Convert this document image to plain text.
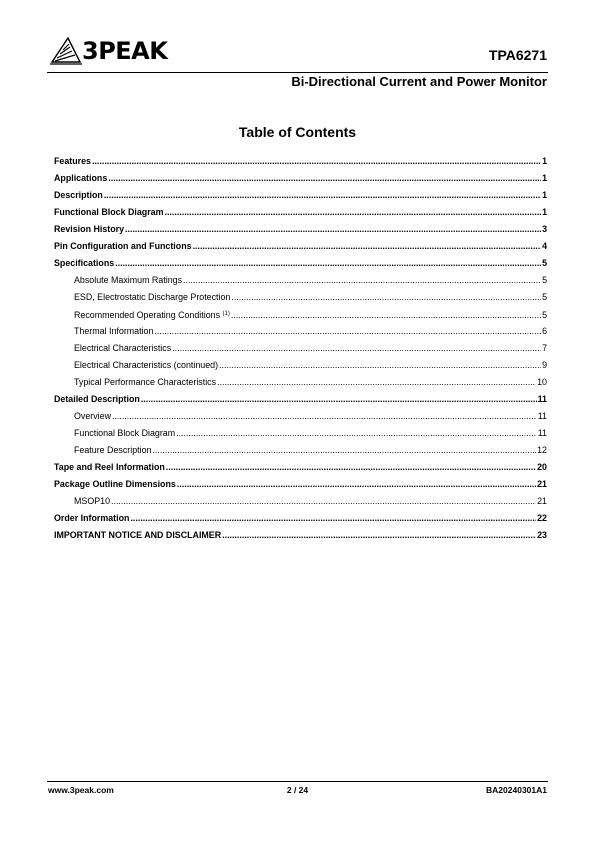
3PEAK	TPA6271
Bi-Directional Current and Power Monitor
Table of Contents
Features .....	1
Applications .....	1
Description .....	1
Functional Block Diagram .....	1
Revision History .....	3
Pin Configuration and Functions .....	4
Specifications .....	5
Absolute Maximum Ratings .....	5
ESD, Electrostatic Discharge Protection .....	5
Recommended Operating Conditions $^{(1)}$ .....	5
Thermal Information .....	6
Electrical Characteristics .....	7
Electrical Characteristics (continued) .....	9
Typical Performance Characteristics .....	10
Detailed Description .....	11
Overview .....	11
Functional Block Diagram .....	11
Feature Description .....	12
Tape and Reel Information .....	20
Package Outline Dimensions .....	21
MSOP10 .....	21
Order Information .....	22
IMPORTANT NOTICE AND DISCLAIMER .....	23
www.3peak.com	2 / 24	BA20240301A1
